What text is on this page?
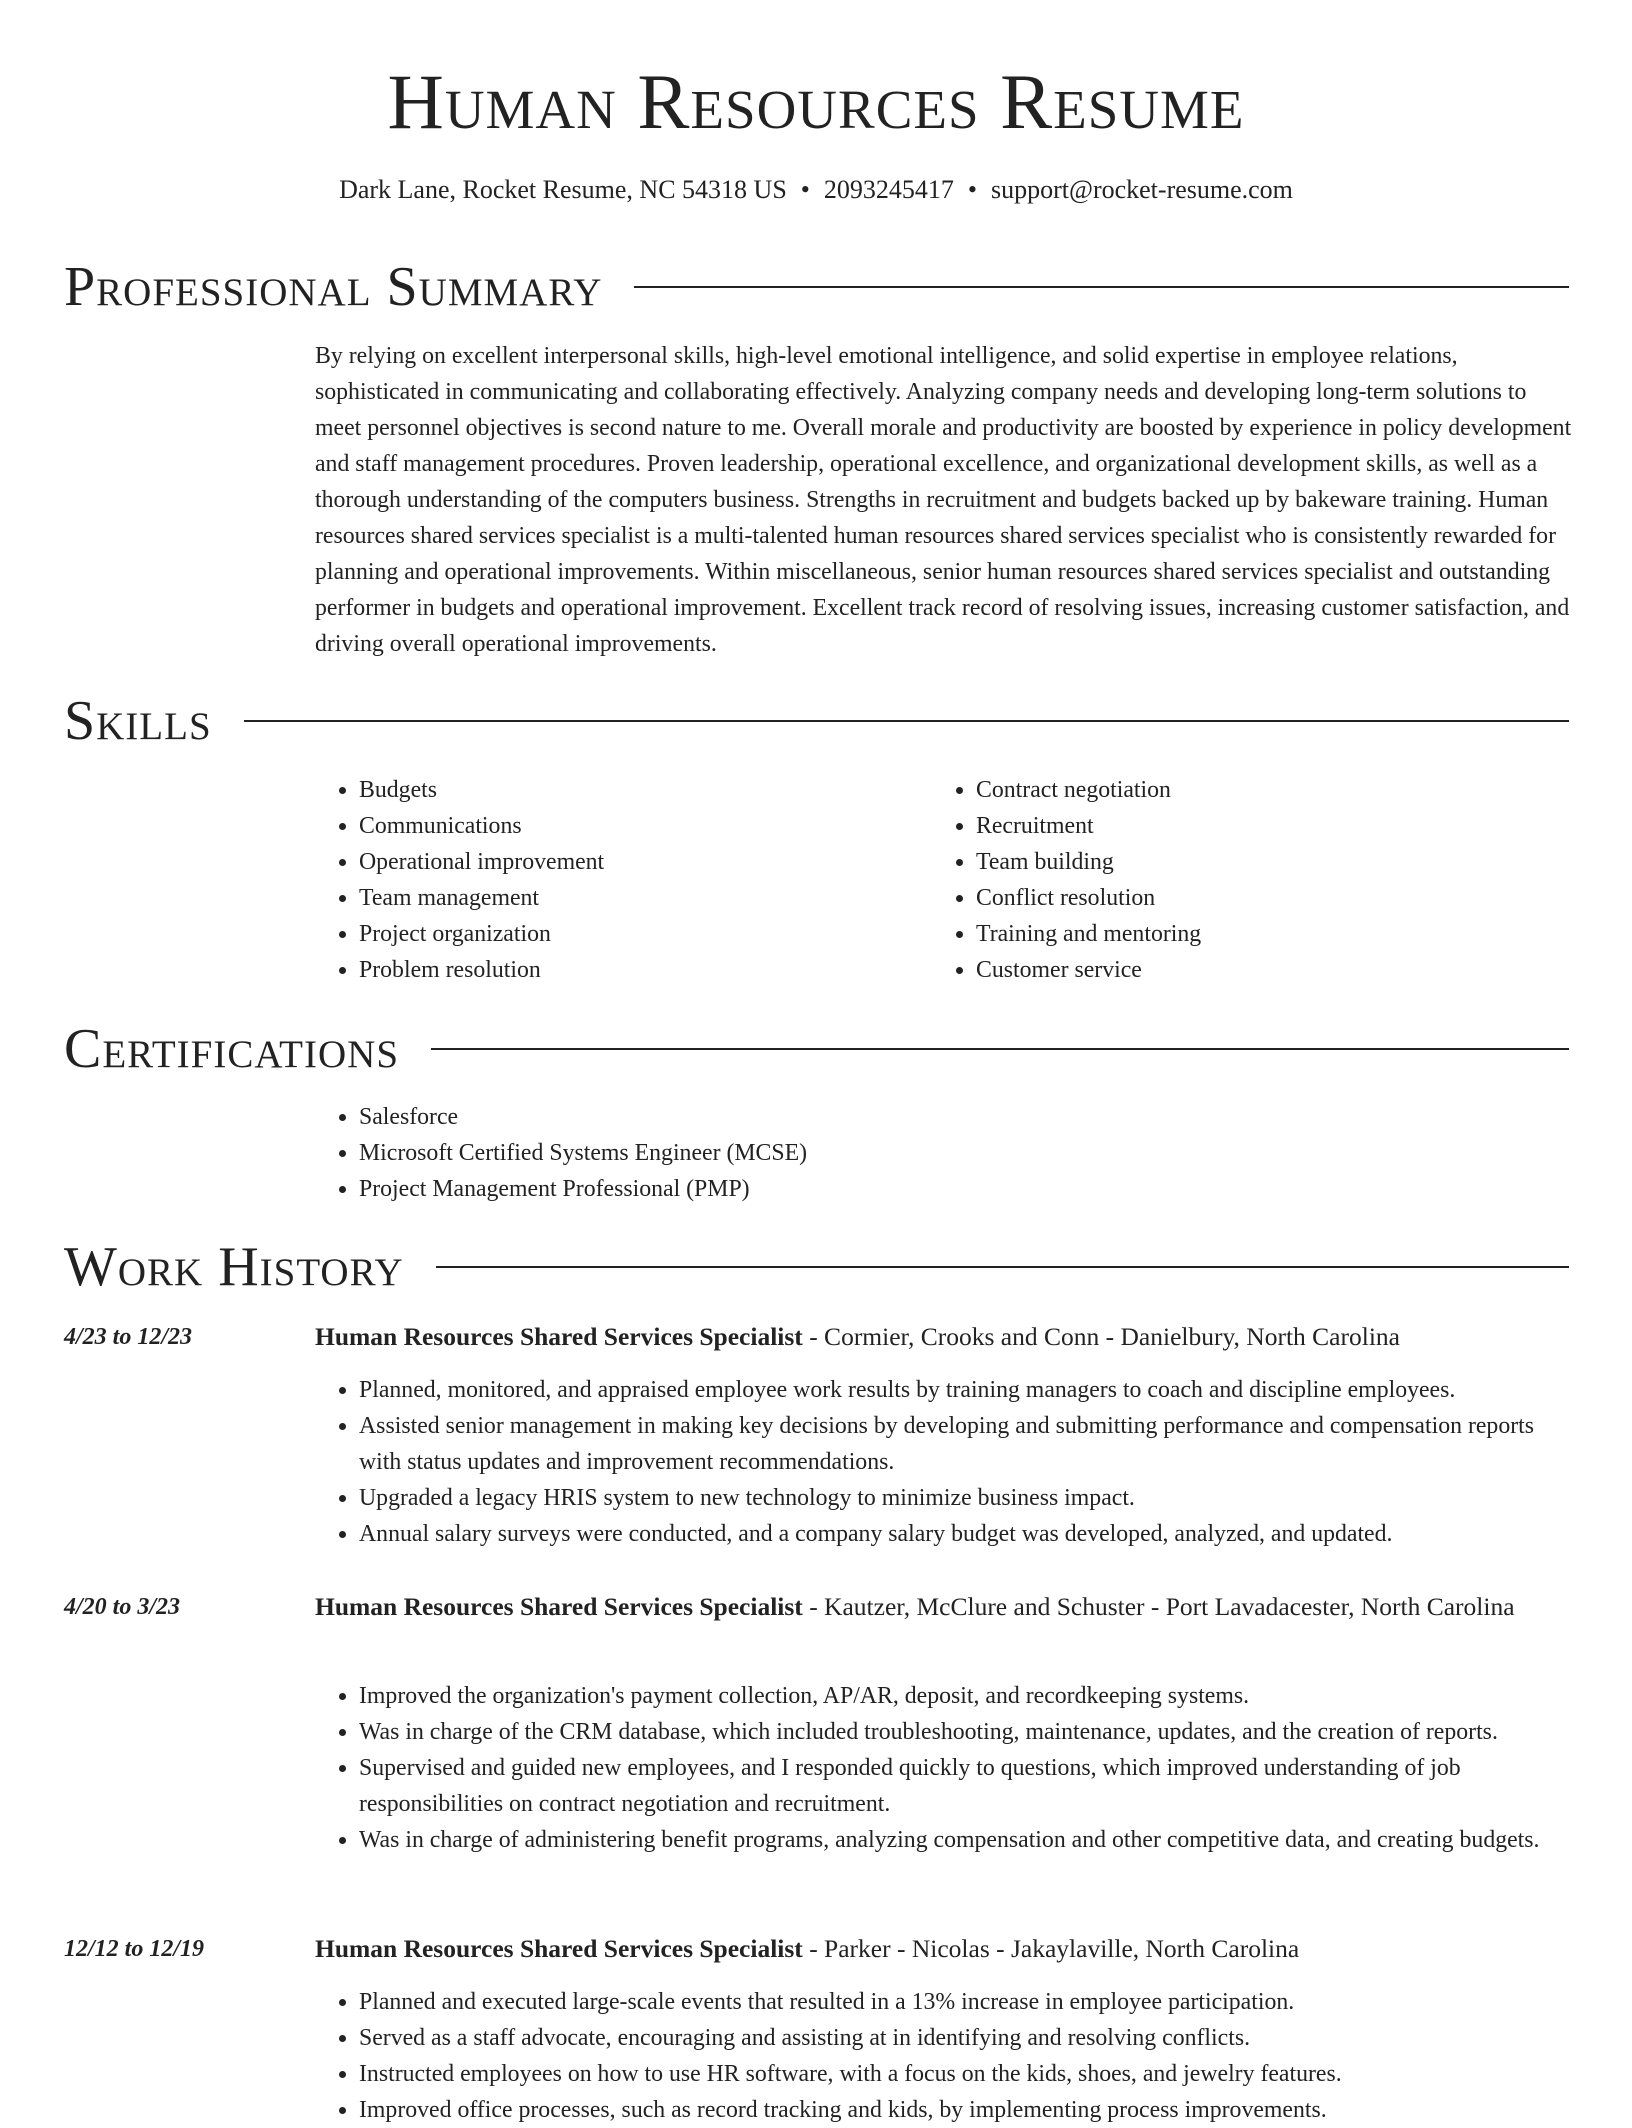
Human Resources Resume
Dark Lane, Rocket Resume, NC 54318 US • 2093245417 • support@rocket-resume.com
Professional Summary

By relying on excellent interpersonal skills, high-level emotional intelligence, and solid expertise in employee relations, sophisticated in communicating and collaborating effectively. Analyzing company needs and developing long-term solutions to meet personnel objectives is second nature to me. Overall morale and productivity are boosted by experience in policy development and staff management procedures. Proven leadership, operational excellence, and organizational development skills, as well as a thorough understanding of the computers business. Strengths in recruitment and budgets backed up by bakeware training. Human resources shared services specialist is a multi-talented human resources shared services specialist who is consistently rewarded for planning and operational improvements. Within miscellaneous, senior human resources shared services specialist and outstanding performer in budgets and operational improvement. Excellent track record of resolving issues, increasing customer satisfaction, and driving overall operational improvements.

Skills
• Budgets
• Communications
• Operational improvement
• Team management
• Project organization
• Problem resolution
• Contract negotiation
• Recruitment
• Team building
• Conflict resolution
• Training and mentoring
• Customer service
Certifications
• Salesforce
• Microsoft Certified Systems Engineer (MCSE)
• Project Management Professional (PMP)
Work History
4/23 to 12/23	Human Resources Shared Services Specialist - Cormier, Crooks and Conn - Danielbury, North Carolina
• Planned, monitored, and appraised employee work results by training managers to coach and discipline employees.
• Assisted senior management in making key decisions by developing and submitting performance and compensation reports with status updates and improvement recommendations.
• Upgraded a legacy HRIS system to new technology to minimize business impact.
• Annual salary surveys were conducted, and a company salary budget was developed, analyzed, and updated.
4/20 to 3/23	Human Resources Shared Services Specialist - Kautzer, McClure and Schuster - Port Lavadacester, North Carolina
• Improved the organization's payment collection, AP/AR, deposit, and recordkeeping systems.
• Was in charge of the CRM database, which included troubleshooting, maintenance, updates, and the creation of reports.
• Supervised and guided new employees, and I responded quickly to questions, which improved understanding of job responsibilities on contract negotiation and recruitment.
• Was in charge of administering benefit programs, analyzing compensation and other competitive data, and creating budgets.
12/12 to 12/19	Human Resources Shared Services Specialist - Parker - Nicolas - Jakaylaville, North Carolina
• Planned and executed large-scale events that resulted in a 13% increase in employee participation.
• Served as a staff advocate, encouraging and assisting at in identifying and resolving conflicts.
• Instructed employees on how to use HR software, with a focus on the kids, shoes, and jewelry features.
• Improved office processes, such as record tracking and kids, by implementing process improvements.
